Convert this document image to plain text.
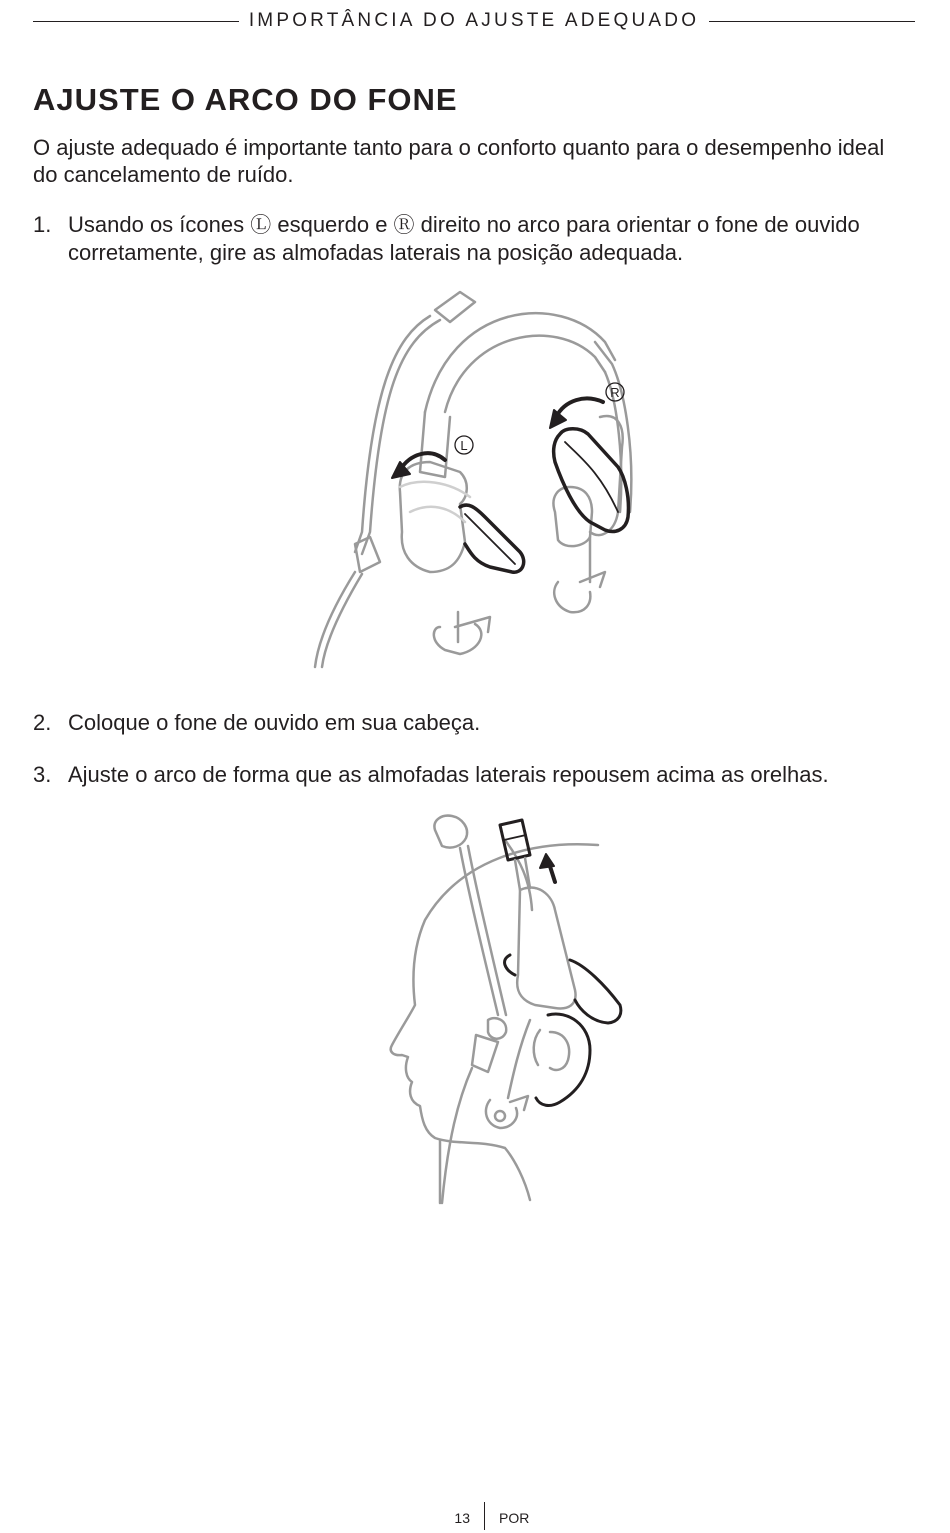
IMPORTÂNCIA DO AJUSTE ADEQUADO
AJUSTE O ARCO DO FONE

O ajuste adequado é importante tanto para o conforto quanto para o desempenho ideal do cancelamento de ruído.

1. Usando os ícones Ⓛ esquerdo e Ⓡ direito no arco para orientar o fone de ouvido corretamente, gire as almofadas laterais na posição adequada.
L
R
2. Coloque o fone de ouvido em sua cabeça.
3. Ajuste o arco de forma que as almofadas laterais repousem acima as orelhas.
13 POR
